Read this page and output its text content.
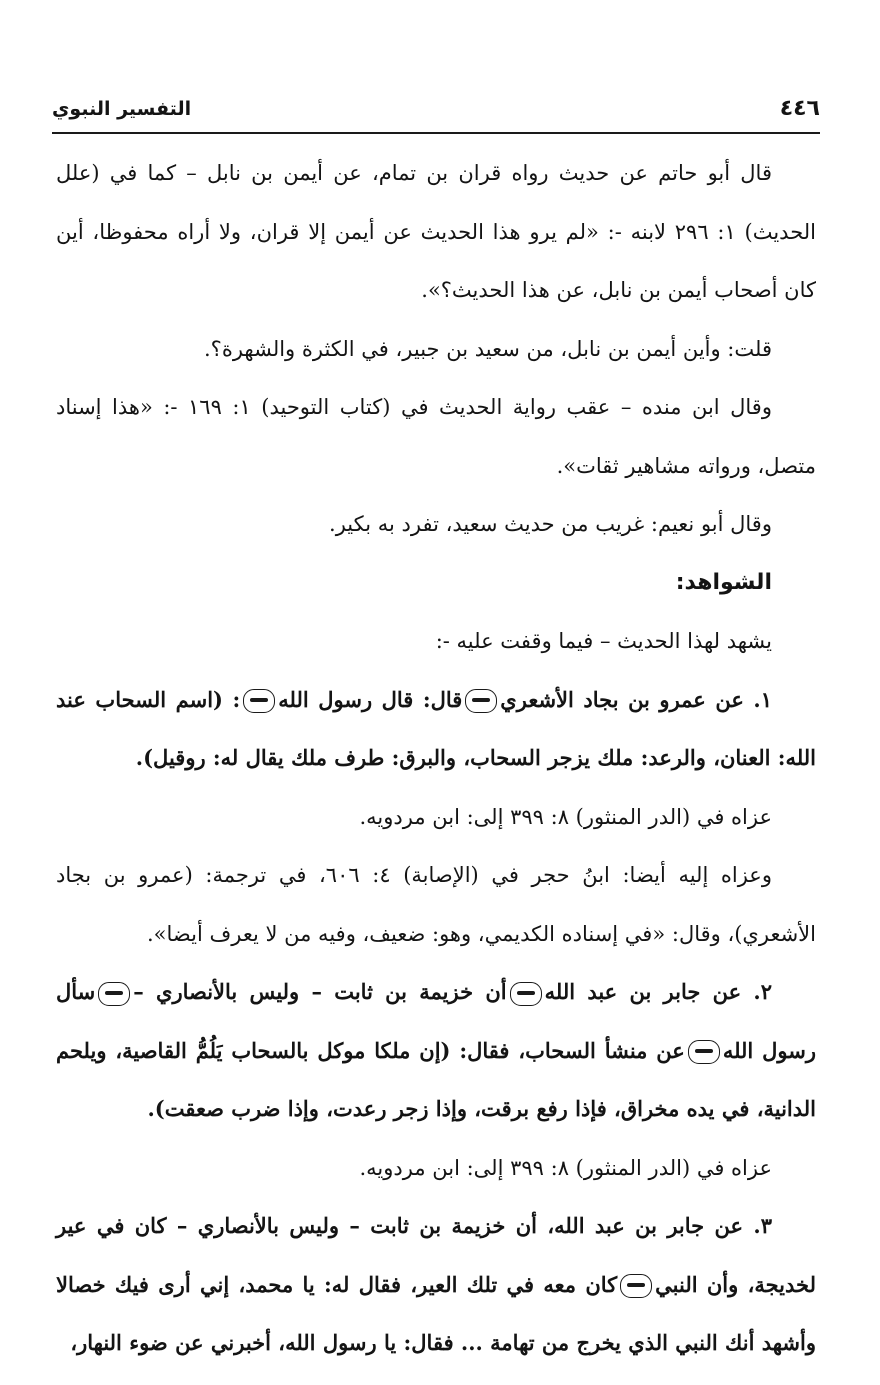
٤٤٦
التفسير النبوي

قال أبو حاتم عن حديث رواه قران بن تمام، عن أيمن بن نابل – كما في (علل الحديث) ١: ٢٩٦ لابنه -: «لم يرو هذا الحديث عن أيمن إلا قران، ولا أراه محفوظا، أين كان أصحاب أيمن بن نابل، عن هذا الحديث؟».

قلت: وأين أيمن بن نابل، من سعيد بن جبير، في الكثرة والشهرة؟.

وقال ابن منده – عقب رواية الحديث في (كتاب التوحيد) ١: ١٦٩ -: «هذا إسناد متصل، ورواته مشاهير ثقات».

وقال أبو نعيم: غريب من حديث سعيد، تفرد به بكير.

الشواهد:

يشهد لهذا الحديث – فيما وقفت عليه -:

١. عن عمرو بن بجاد الأشعريقال: قال رسول الله: (اسم السحاب عند الله: العنان، والرعد: ملك يزجر السحاب، والبرق: طرف ملك يقال له: روقيل).

عزاه في (الدر المنثور) ٨: ٣٩٩ إلى: ابن مردويه.

وعزاه إليه أيضا: ابنُ حجر في (الإصابة) ٤: ٦٠٦، في ترجمة: (عمرو بن بجاد الأشعري)، وقال: «في إسناده الكديمي، وهو: ضعيف، وفيه من لا يعرف أيضا».

٢. عن جابر بن عبد اللهأن خزيمة بن ثابت – وليس بالأنصاري –سأل رسول اللهعن منشأ السحاب، فقال: (إن ملكا موكل بالسحاب يَلُمُّ القاصية، ويلحم الدانية، في يده مخراق، فإذا رفع برقت، وإذا زجر رعدت، وإذا ضرب صعقت).

عزاه في (الدر المنثور) ٨: ٣٩٩ إلى: ابن مردويه.

٣. عن جابر بن عبد الله، أن خزيمة بن ثابت – وليس بالأنصاري – كان في عير لخديجة، وأن النبيكان معه في تلك العير، فقال له: يا محمد، إني أرى فيك خصالا وأشهد أنك النبي الذي يخرج من تهامة ... فقال: يا رسول الله، أخبرني عن ضوء النهار،
